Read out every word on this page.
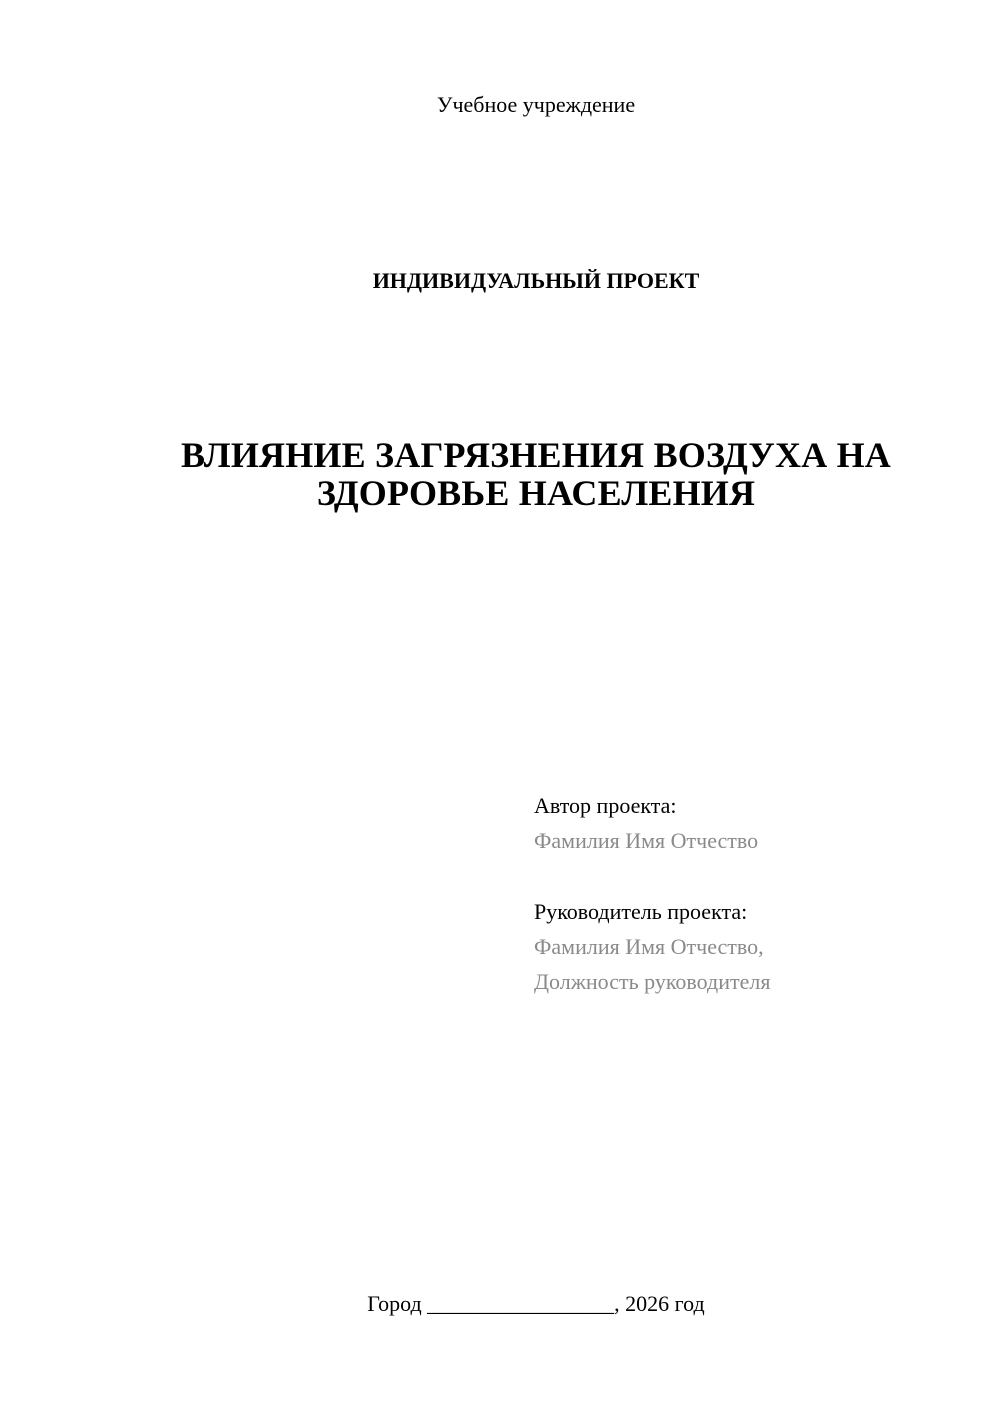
Учебное учреждение
ИНДИВИДУАЛЬНЫЙ ПРОЕКТ
ВЛИЯНИЕ ЗАГРЯЗНЕНИЯ ВОЗДУХА НА
ЗДОРОВЬЕ НАСЕЛЕНИЯ
Автор проекта:
Фамилия Имя Отчество
Руководитель проекта:
Фамилия Имя Отчество,
Должность руководителя
Город _________________, 2026 год
